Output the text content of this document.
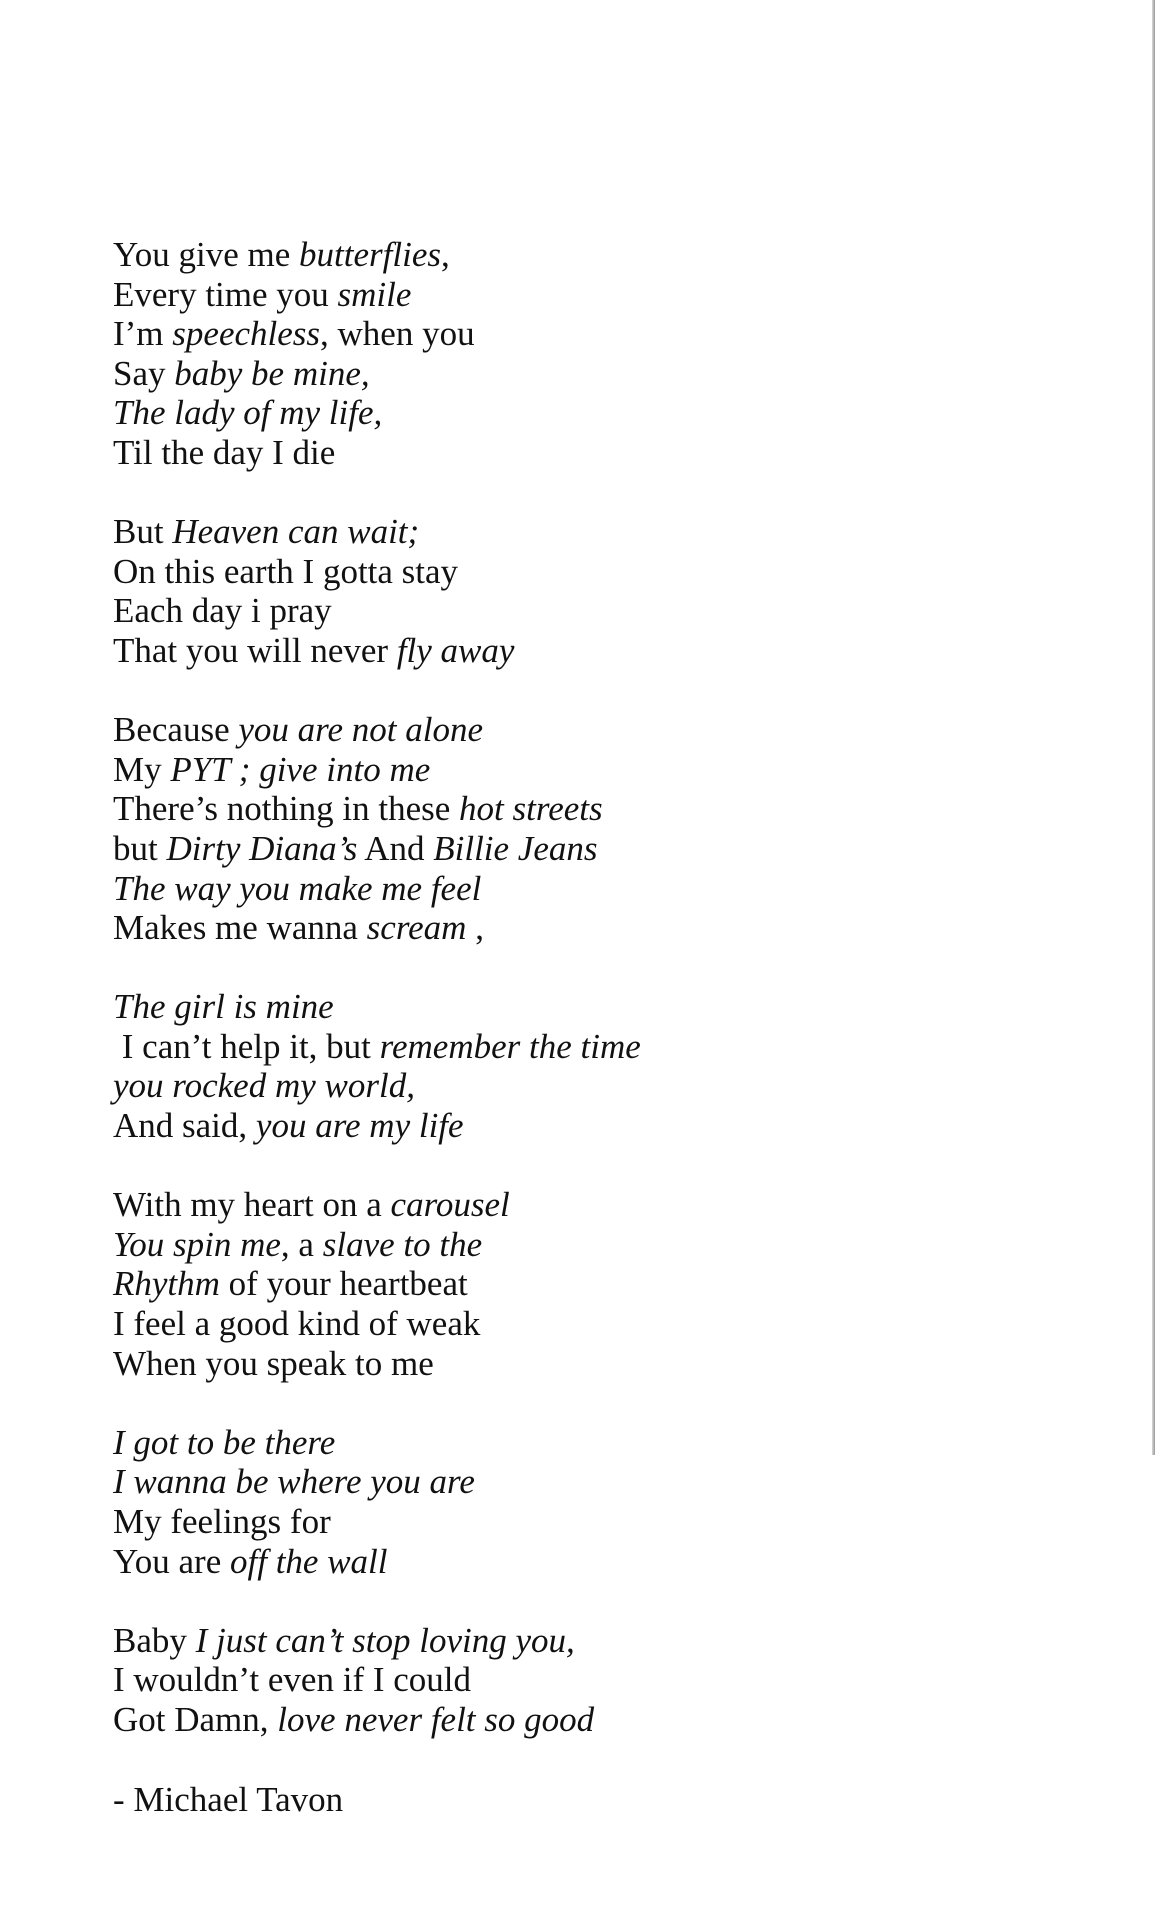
You give me butterflies,
Every time you smile
I’m speechless, when you
Say baby be mine,
The lady of my life,
Til the day I die
But Heaven can wait;
On this earth I gotta stay
Each day i pray
That you will never fly away
Because you are not alone
My PYT ; give into me
There’s nothing in these hot streets
but Dirty Diana’s And Billie Jeans
The way you make me feel
Makes me wanna scream ,
The girl is mine
I can’t help it, but remember the time
you rocked my world,
And said, you are my life
With my heart on a carousel
You spin me, a slave to the
Rhythm of your heartbeat
I feel a good kind of weak
When you speak to me
I got to be there
I wanna be where you are
My feelings for
You are off the wall
Baby I just can’t stop loving you,
I wouldn’t even if I could
Got Damn, love never felt so good
- Michael Tavon
